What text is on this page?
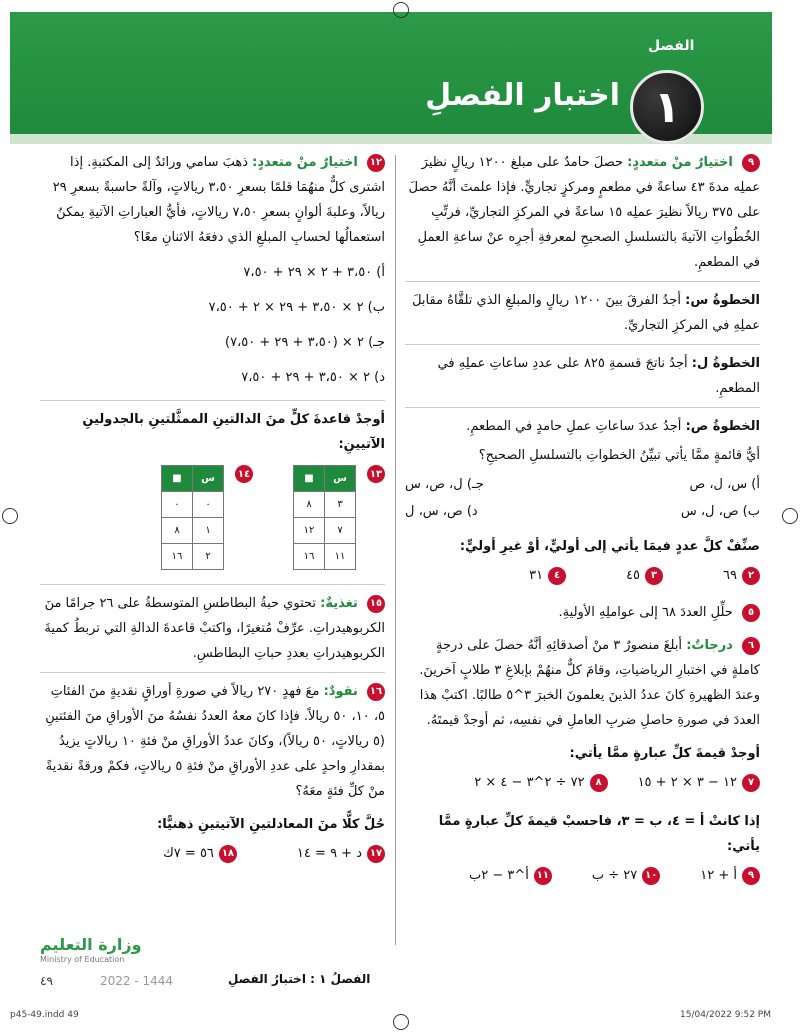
الفصل
١
اختبار الفصلِ

٩ اختيارٌ منْ متعددٍ: حصلَ حامدٌ على مبلغ ١٢٠٠ ريالٍ نظيرَ عملِه مدةَ ٤٣ ساعةً في مطعمٍ ومركزٍ تجاريٍّ. فإذا علمتَ أنَّهُ حصلَ على ٣٧٥ ريالاً نظيرَ عملِه ١٥ ساعةً في المركزِ التجاريِّ، فرتِّبِ الخُطُواتِ الآتيةَ بالتسلسلِ الصحيحِ لمعرفةِ أجرِه عنْ ساعةِ العملِ في المطعمِ.

الخطوةُ س: أجدُ الفرقَ بينَ ١٢٠٠ ريالٍ والمبلغِ الذي تلقَّاهُ مقابلَ عملِهِ في المركزِ التجاريِّ.

الخطوةُ ل: أجدُ ناتجَ قسمةِ ٨٢٥ على عددِ ساعاتِ عملِهِ في المطعمِ.

الخطوةُ ص: أجدُ عددَ ساعاتِ عملِ حامدٍ في المطعمِ.

أيُّ قائمةٍ ممَّا يأتي تبيِّنُ الخطواتِ بالتسلسلِ الصحيحِ؟

أ) س، ل، ص
جـ) ل، ص، س
ب) ص، ل، س
د) ص، س، ل

صنِّفْ كلَّ عددٍ فيمَا يأتي إلى أوليٍّ، أوْ غيرِ أوليٍّ:

٢٦٩
٣٤٥
٤٣١

٥ حلِّلِ العددَ ٦٨ إلى عواملِهِ الأوليةِ.

٦ درجاتٌ: أبلغَ منصورٌ ٣ منْ أصدقائِهِ أنَّهُ حصلَ على درجةٍ كاملةٍ في اختبارِ الرياضياتِ، وقامَ كلٌّ منهُمْ بإبلاغِ ٣ طلابٍ آخرينَ. وعندَ الظهيرةِ كانَ عددُ الذينَ يعلمونَ الخبرَ ٣^٥ طالبًا. اكتبْ هذا العددَ في صورةِ حاصلِ ضربِ العاملِ في نفسِه، ثم أوجدْ قيمتَهُ.

أوجدْ قيمةَ كلِّ عبارةٍ ممَّا يأتي:

٧١٢ − ٣ × ٢ + ١٥
٨٧٢ ÷ ٢^٣ − ٤ × ٢

إذا كانتْ أ = ٤، ب = ٣، فاحسبْ قيمةَ كلِّ عبارةٍ ممَّا يأتي:

٩أ + ١٢
١٠٢٧ ÷ ب
١١أ^٣ − ٢ب

١٢ اختيارٌ منْ متعددٍ: ذهبَ سامي ورائدٌ إلى المكتبةِ. إذا اشترى كلٌّ منهُمَا قلمًا بسعرِ ٣،٥٠ ريالاتٍ، وآلةً حاسبةً بسعرِ ٢٩ ريالاً، وعلبةَ ألوانٍ بسعرِ ٧،٥٠ ريالاتٍ، فأيُّ العباراتِ الآتيةِ يمكنُ استعمالُها لحسابِ المبلغِ الذي دفعَهُ الاثنانِ معًا؟

أ) ٣،٥٠ + ٢ × ٢٩ + ٧،٥٠

ب) ٢ × ٣،٥٠ + ٢٩ × ٢ + ٧،٥٠

جـ) ٢ × (٣،٥٠ + ٢٩ + ٧،٥٠)

د) ٢ × ٣،٥٠ + ٢٩ + ٧،٥٠

أوجدْ قاعدةَ كلٍّ منَ الدالتينِ الممثَّلتينِ بالجدولينِ الآتيينِ:

١٣
س	■
٣	٨
٧	١٢
١١	١٦
١٤
س	■
٠	٠
١	٨
٢	١٦

١٥ تغذيةٌ: تحتوي حبةُ البطاطسِ المتوسطةُ على ٢٦ جرامًا منَ الكربوهيدراتِ. عرِّفْ مُتغيرًا، واكتبْ قاعدةَ الدالةِ التي تربطُ كميةَ الكربوهيدراتِ بعددِ حباتِ البطاطسِ.

١٦ نقودٌ: معَ فهدٍ ٢٧٠ ريالاً في صورةِ أوراقٍ نقديةٍ منَ الفئاتِ ٥، ١٠، ٥٠ ريالاً. فإذا كانَ معهُ العددُ نفسُهُ منَ الأوراقِ منَ الفئتينِ (٥ ريالاتٍ، ٥٠ ريالاً)، وكانَ عددُ الأوراقِ منْ فئةِ ١٠ ريالاتٍ يزيدُ بمقدارِ واحدٍ على عددِ الأوراقِ منْ فئةِ ٥ ريالاتٍ، فكمْ ورقةً نقديةً منْ كلِّ فئةٍ معَهُ؟

حُلَّ كلًّا منَ المعادلتينِ الآتيتينِ ذهنيًّا:

١٧د + ٩ = ١٤
١٨٥٦ = ٧ك
وزارة التعليم
Ministry of Education
٤٩	2022 - 1444	الفصلُ ١ : اختبارُ الفصلِ
p45-49.indd 49	15/04/2022 9:52 PM
